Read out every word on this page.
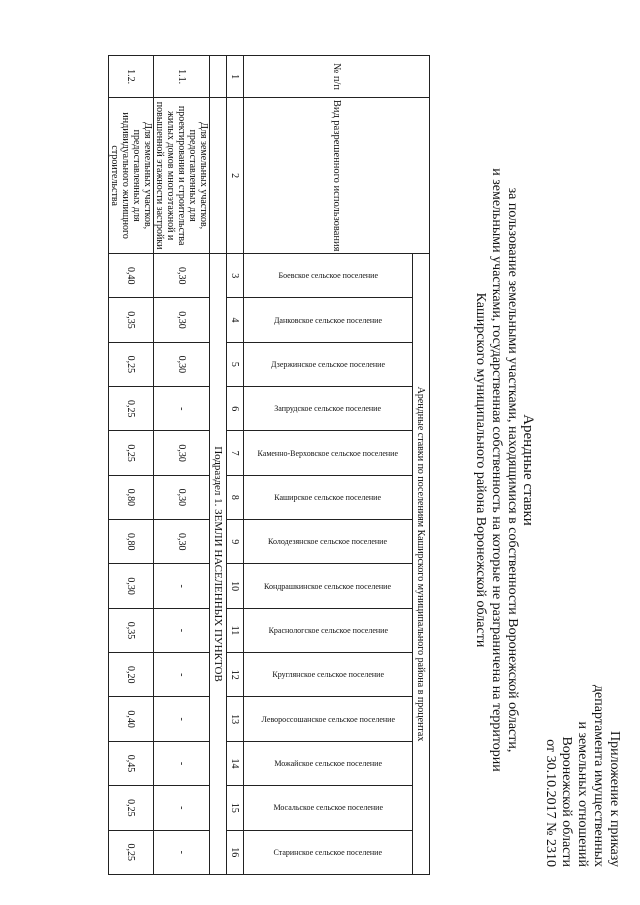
Приложение к приказу
департамента имущественных
и земельных отношений
Воронежской области
от 30.10.2017 № 2310
Арендные ставки
за пользование земельными участками, находящимися в собственности Воронежской области,
и земельными участками, государственная собственность на которые не разграничена на территории
Каширского муниципального района Воронежской области
№ п/п	Вид разрешенного использования	Арендные ставки по поселениям Каширского муниципального района в процентах													

		Боевское сельское поселение	Данковское сельское поселение	Дзержинское сельское поселение	Запрудское сельское поселение	Каменно-Верховское сельское поселение	Каширское сельское поселение	Колодезянское сельское поселение	Кондрашкинское сельское поселение	Краснологское сельское поселение	Круглянское сельское поселение	Левороссошанское сельское поселение	Можайское сельское поселение	Мосальское сельское поселение	Старинское сельское поселение

1	2	3	4	5	6	7	8	9	10	11	12	13	14	15	16
		Подраздел 1. ЗЕМЛИ НАСЕЛЕННЫХ ПУНКТОВ													
1.1.	Для земельных участков, предоставленных для проектирования и строительства жилых домов многоэтажной и повышенной этажности застройки	0,30	0,30	0,30	-	0,30	0,30	0,30	-	-	-	-	-	-	-
1.2.	Для земельных участков, предоставленных для индивидуального жилищного строительства	0,40	0,35	0,25	0,25	0,25	0,80	0,80	0,30	0,35	0,20	0,40	0,45	0,25	0,25
